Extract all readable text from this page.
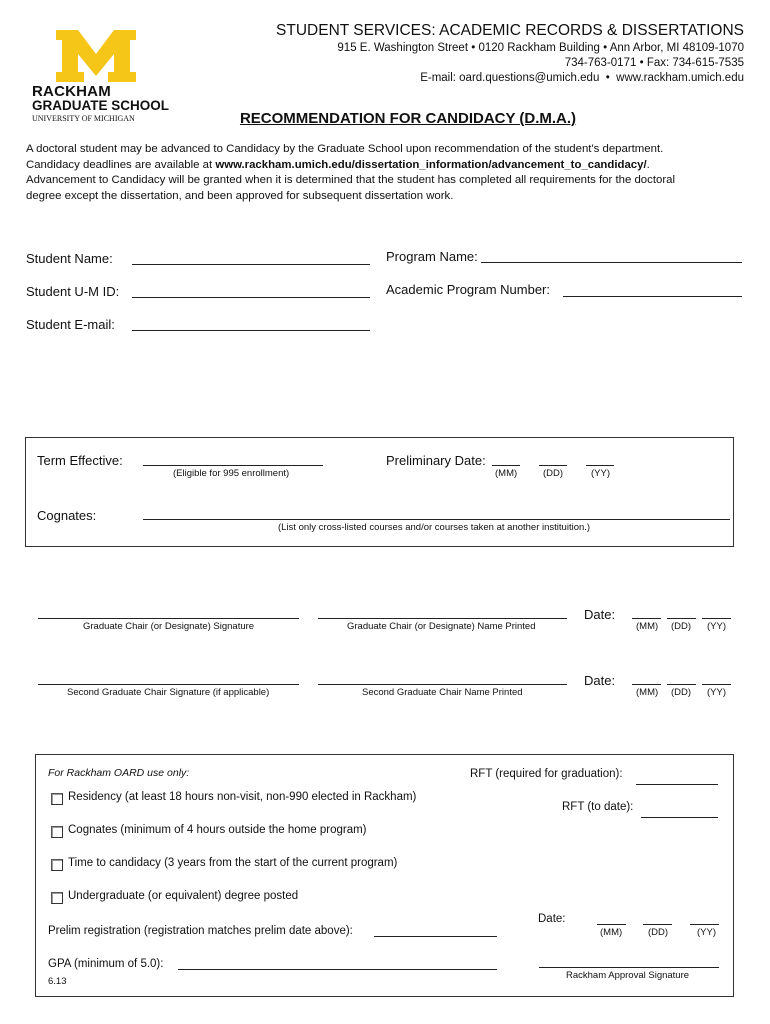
RACKHAM
GRADUATE SCHOOL
UNIVERSITY OF MICHIGAN
STUDENT SERVICES: ACADEMIC RECORDS & DISSERTATIONS
915 E. Washington Street • 0120 Rackham Building • Ann Arbor, MI 48109-1070
734-763-0171 • Fax: 734-615-7535
E-mail: oard.questions@umich.edu  •  www.rackham.umich.edu
RECOMMENDATION FOR CANDIDACY (D.M.A.)
A doctoral student may be advanced to Candidacy by the Graduate School upon recommendation of the student's department.
Candidacy deadlines are available at www.rackham.umich.edu/dissertation_information/advancement_to_candidacy/.
Advancement to Candidacy will be granted when it is determined that the student has completed all requirements for the doctoral
degree except the dissertation, and been approved for subsequent dissertation work.
Student Name:
Student U-M ID:
Student E-mail:
Program Name:
Academic Program Number:
Term Effective:
(Eligible for 995 enrollment)
Preliminary Date:
(MM)	(DD)	(YY)
Cognates:
(List only cross-listed courses and/or courses taken at another instituition.)
Graduate Chair (or Designate) Signature	Graduate Chair (or Designate) Name Printed
Date:
(MM) (DD) (YY)
Second Graduate Chair Signature (if applicable)	Second Graduate Chair Name Printed
Date:
(MM) (DD) (YY)
For Rackham OARD use only:	RFT (required for graduation):
RFT (to date):
Residency (at least 18 hours non-visit, non-990 elected in Rackham)
Cognates (minimum of 4 hours outside the home program)
Time to candidacy (3 years from the start of the current program)
Undergraduate (or equivalent) degree posted
Prelim registration (registration matches prelim date above):
GPA (minimum of 5.0):
6.13
Date:
(MM)	(DD)	(YY)
Rackham Approval Signature
